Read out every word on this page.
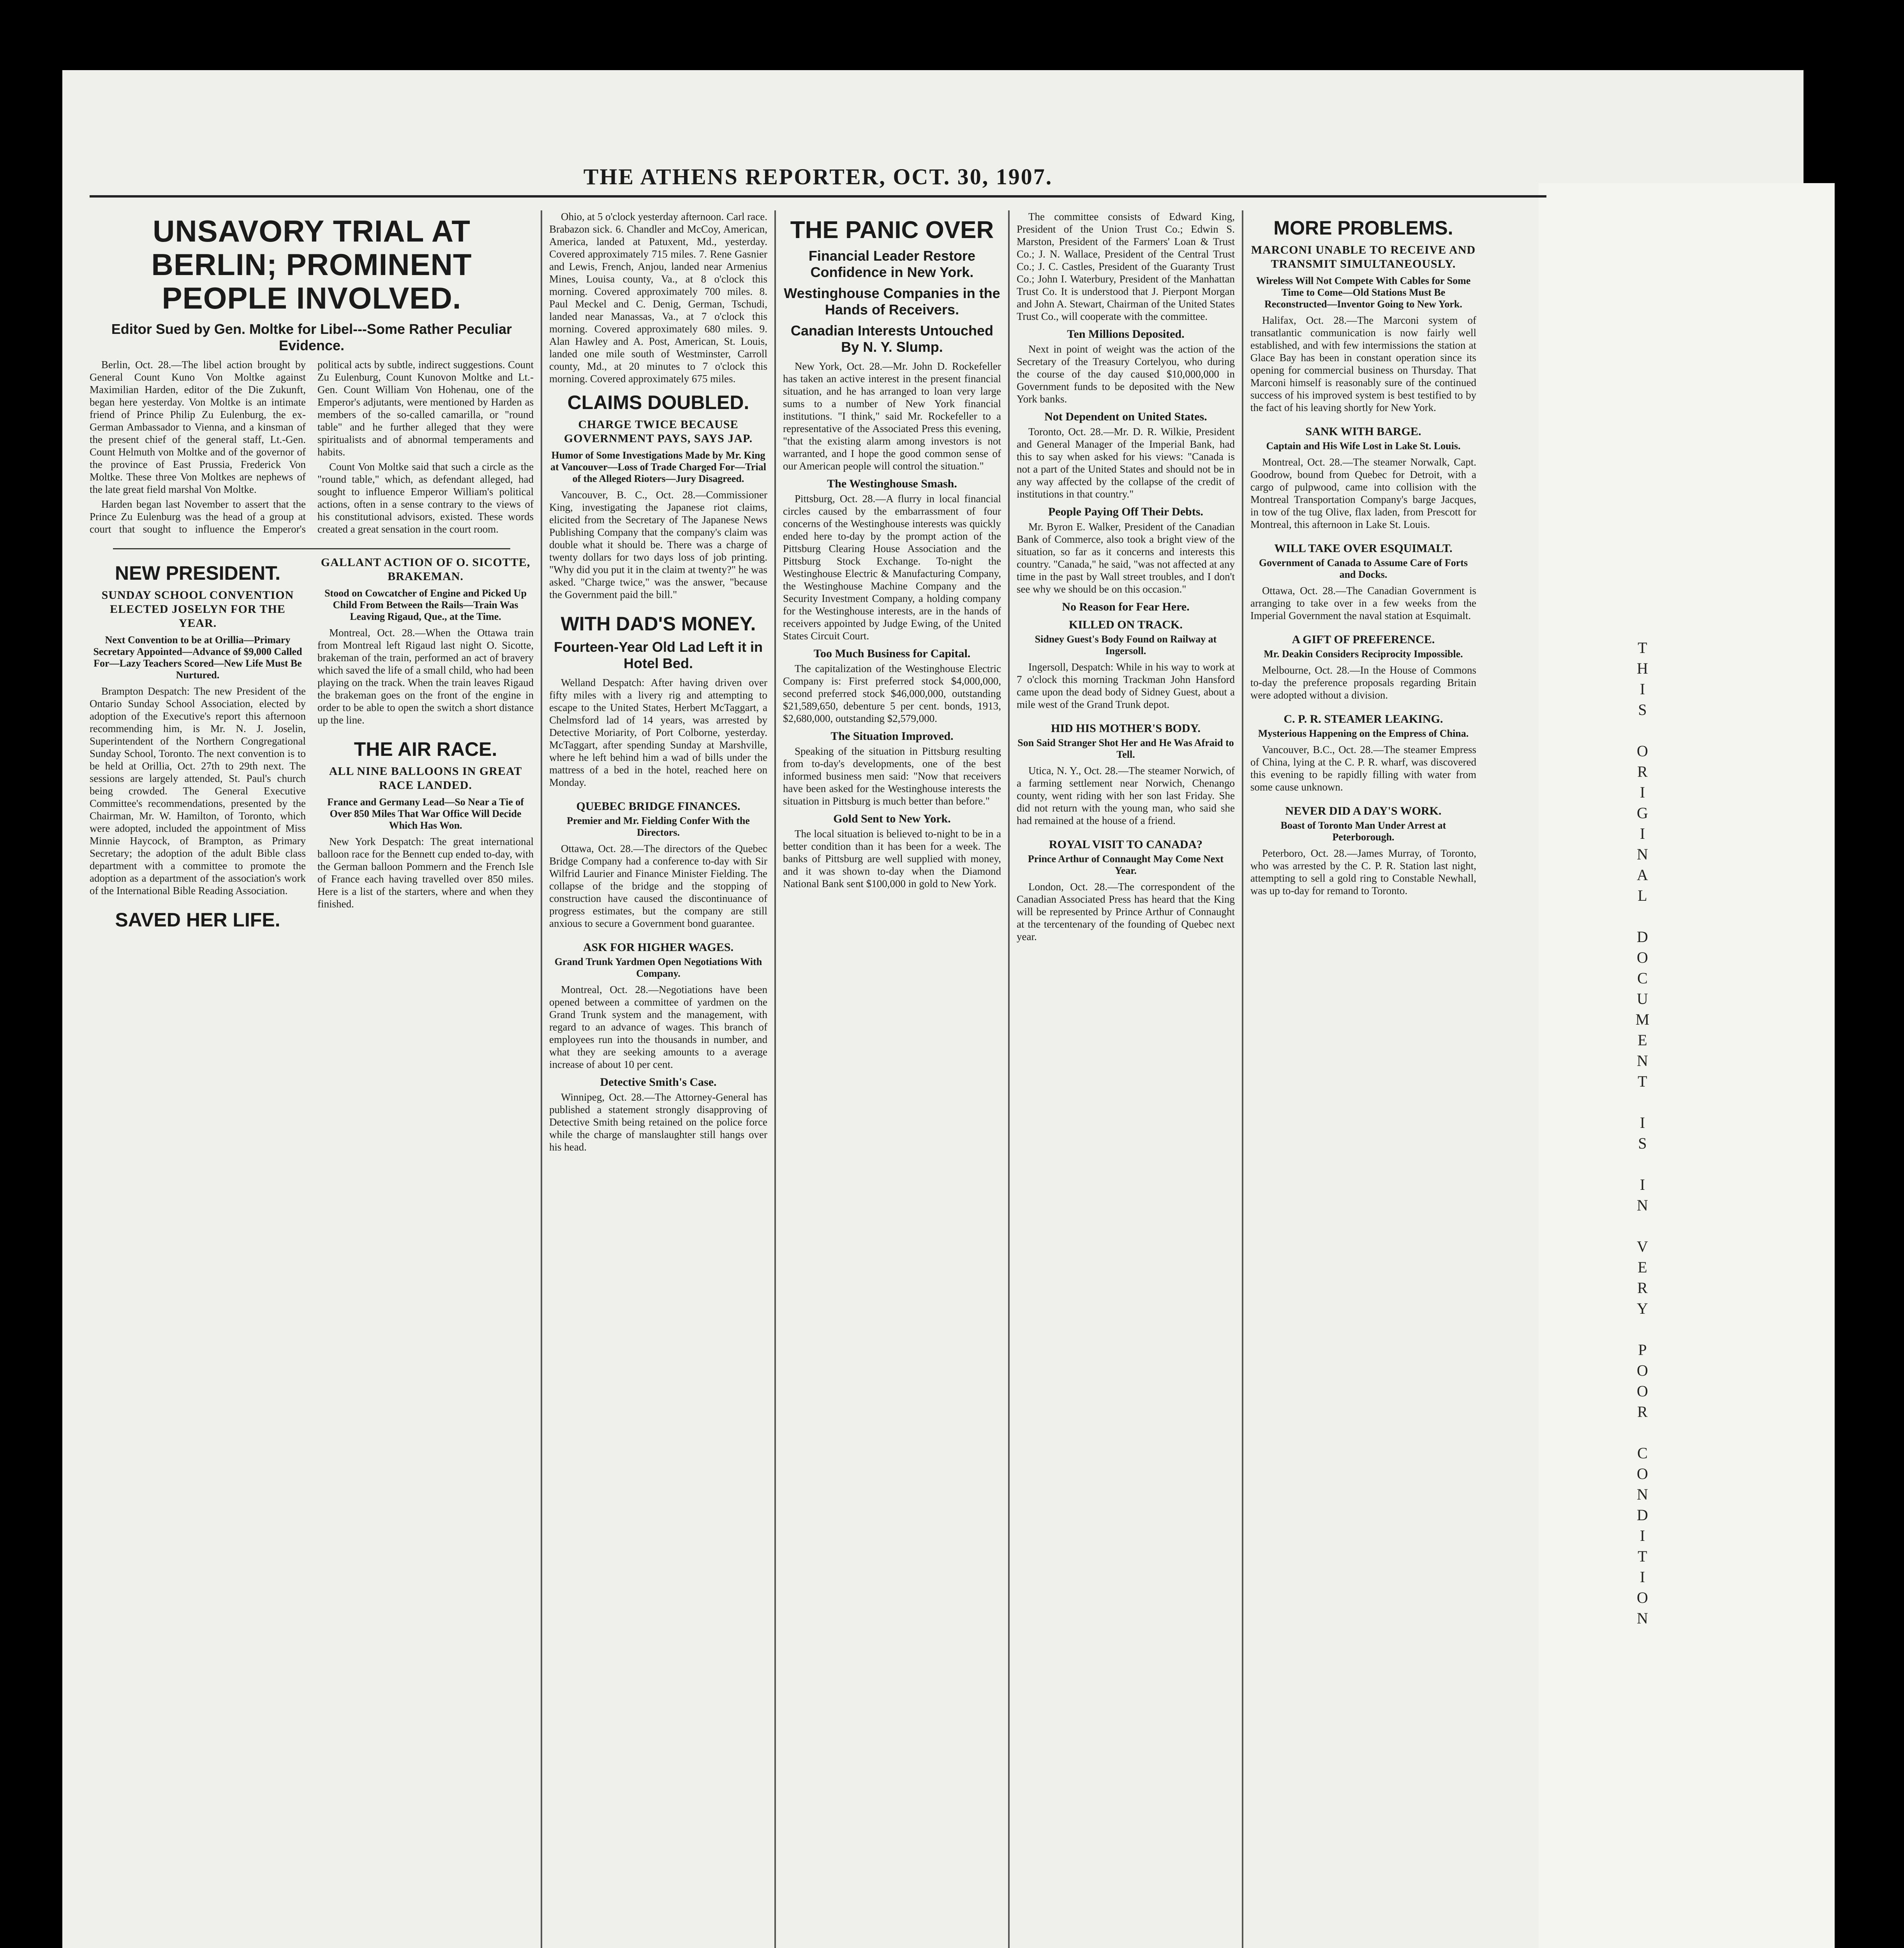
THIS ORIGINAL DOCUMENT IS IN VERY POOR CONDITION
THE ATHENS REPORTER, OCT. 30, 1907.
UNSAVORY TRIAL AT BERLIN; PROMINENT PEOPLE INVOLVED.
Editor Sued by Gen. Moltke for Libel---Some Rather Peculiar Evidence.

Berlin, Oct. 28.—The libel action brought by General Count Kuno Von Moltke against Maximilian Harden, editor of the Die Zukunft, began here yesterday. Von Moltke is an intimate friend of Prince Philip Zu Eulenburg, the ex-German Ambassador to Vienna, and a kinsman of the present chief of the general staff, Lt.-Gen. Count Helmuth von Moltke and of the governor of the province of East Prussia, Frederick Von Moltke. These three Von Moltkes are nephews of the late great field marshal Von Moltke.

Harden began last November to assert that the Prince Zu Eulenburg was the head of a group at court that sought to influence the Emperor's political acts by subtle, indirect suggestions. Count Zu Eulenburg, Count Kunovon Moltke and Lt.-Gen. Count William Von Hohenau, one of the Emperor's adjutants, were mentioned by Harden as members of the so-called camarilla, or "round table" and he further alleged that they were spiritualists and of abnormal temperaments and habits.

Count Von Moltke said that such a circle as the "round table," which, as defendant alleged, had sought to influence Emperor William's political actions, often in a sense contrary to the views of his constitutional advisors, existed. These words created a great sensation in the court room.

NEW PRESIDENT.
SUNDAY SCHOOL CONVENTION ELECTED JOSELYN FOR THE YEAR.
Next Convention to be at Orillia—Primary Secretary Appointed—Advance of $9,000 Called For—Lazy Teachers Scored—New Life Must Be Nurtured.

Brampton Despatch: The new President of the Ontario Sunday School Association, elected by adoption of the Executive's report this afternoon recommending him, is Mr. N. J. Joselin, Superintendent of the Northern Congregational Sunday School, Toronto. The next convention is to be held at Orillia, Oct. 27th to 29th next. The sessions are largely attended, St. Paul's church being crowded. The General Executive Committee's recommendations, presented by the Chairman, Mr. W. Hamilton, of Toronto, which were adopted, included the appointment of Miss Minnie Haycock, of Brampton, as Primary Secretary; the adoption of the adult Bible class department with a committee to promote the adoption as a department of the association's work of the International Bible Reading Association.

SAVED HER LIFE.
GALLANT ACTION OF O. SICOTTE, BRAKEMAN.
Stood on Cowcatcher of Engine and Picked Up Child From Between the Rails—Train Was Leaving Rigaud, Que., at the Time.

Montreal, Oct. 28.—When the Ottawa train from Montreal left Rigaud last night O. Sicotte, brakeman of the train, performed an act of bravery which saved the life of a small child, who had been playing on the track. When the train leaves Rigaud the brakeman goes on the front of the engine in order to be able to open the switch a short distance up the line.

THE AIR RACE.
ALL NINE BALLOONS IN GREAT RACE LANDED.
France and Germany Lead—So Near a Tie of Over 850 Miles That War Office Will Decide Which Has Won.

New York Despatch: The great international balloon race for the Bennett cup ended to-day, with the German balloon Pommern and the French Isle of France each having travelled over 850 miles. Here is a list of the starters, where and when they finished.

Ohio, at 5 o'clock yesterday afternoon. Carl race. Brabazon sick. 6. Chandler and McCoy, American, America, landed at Patuxent, Md., yesterday. Covered approximately 715 miles. 7. Rene Gasnier and Lewis, French, Anjou, landed near Armenius Mines, Louisa county, Va., at 8 o'clock this morning. Covered approximately 700 miles. 8. Paul Meckel and C. Denig, German, Tschudi, landed near Manassas, Va., at 7 o'clock this morning. Covered approximately 680 miles. 9. Alan Hawley and A. Post, American, St. Louis, landed one mile south of Westminster, Carroll county, Md., at 20 minutes to 7 o'clock this morning. Covered approximately 675 miles.

CLAIMS DOUBLED.
CHARGE TWICE BECAUSE GOVERNMENT PAYS, SAYS JAP.
Humor of Some Investigations Made by Mr. King at Vancouver—Loss of Trade Charged For—Trial of the Alleged Rioters—Jury Disagreed.

Vancouver, B. C., Oct. 28.—Commissioner King, investigating the Japanese riot claims, elicited from the Secretary of The Japanese News Publishing Company that the company's claim was double what it should be. There was a charge of twenty dollars for two days loss of job printing. "Why did you put it in the claim at twenty?" he was asked. "Charge twice," was the answer, "because the Government paid the bill."

WITH DAD'S MONEY.
Fourteen-Year Old Lad Left it in Hotel Bed.

Welland Despatch: After having driven over fifty miles with a livery rig and attempting to escape to the United States, Herbert McTaggart, a Chelmsford lad of 14 years, was arrested by Detective Moriarity, of Port Colborne, yesterday. McTaggart, after spending Sunday at Marshville, where he left behind him a wad of bills under the mattress of a bed in the hotel, reached here on Monday.

QUEBEC BRIDGE FINANCES.
Premier and Mr. Fielding Confer With the Directors.

Ottawa, Oct. 28.—The directors of the Quebec Bridge Company had a conference to-day with Sir Wilfrid Laurier and Finance Minister Fielding. The collapse of the bridge and the stopping of construction have caused the discontinuance of progress estimates, but the company are still anxious to secure a Government bond guarantee.

ASK FOR HIGHER WAGES.
Grand Trunk Yardmen Open Negotiations With Company.

Montreal, Oct. 28.—Negotiations have been opened between a committee of yardmen on the Grand Trunk system and the management, with regard to an advance of wages. This branch of employees run into the thousands in number, and what they are seeking amounts to a average increase of about 10 per cent.

Detective Smith's Case.

Winnipeg, Oct. 28.—The Attorney-General has published a statement strongly disapproving of Detective Smith being retained on the police force while the charge of manslaughter still hangs over his head.

THE PANIC OVER
Financial Leader Restore Confidence in New York.
Westinghouse Companies in the Hands of Receivers.
Canadian Interests Untouched By N. Y. Slump.

New York, Oct. 28.—Mr. John D. Rockefeller has taken an active interest in the present financial situation, and he has arranged to loan very large sums to a number of New York financial institutions. "I think," said Mr. Rockefeller to a representative of the Associated Press this evening, "that the existing alarm among investors is not warranted, and I hope the good common sense of our American people will control the situation."

The Westinghouse Smash.

Pittsburg, Oct. 28.—A flurry in local financial circles caused by the embarrassment of four concerns of the Westinghouse interests was quickly ended here to-day by the prompt action of the Pittsburg Clearing House Association and the Pittsburg Stock Exchange. To-night the Westinghouse Electric & Manufacturing Company, the Westinghouse Machine Company and the Security Investment Company, a holding company for the Westinghouse interests, are in the hands of receivers appointed by Judge Ewing, of the United States Circuit Court.

Too Much Business for Capital.

The capitalization of the Westinghouse Electric Company is: First preferred stock $4,000,000, second preferred stock $46,000,000, outstanding $21,589,650, debenture 5 per cent. bonds, 1913, $2,680,000, outstanding $2,579,000.

The Situation Improved.

Speaking of the situation in Pittsburg resulting from to-day's developments, one of the best informed business men said: "Now that receivers have been asked for the Westinghouse interests the situation in Pittsburg is much better than before."

Gold Sent to New York.

The local situation is believed to-night to be in a better condition than it has been for a week. The banks of Pittsburg are well supplied with money, and it was shown to-day when the Diamond National Bank sent $100,000 in gold to New York.

The committee consists of Edward King, President of the Union Trust Co.; Edwin S. Marston, President of the Farmers' Loan & Trust Co.; J. N. Wallace, President of the Central Trust Co.; J. C. Castles, President of the Guaranty Trust Co.; John I. Waterbury, President of the Manhattan Trust Co. It is understood that J. Pierpont Morgan and John A. Stewart, Chairman of the United States Trust Co., will cooperate with the committee.

Ten Millions Deposited.

Next in point of weight was the action of the Secretary of the Treasury Cortelyou, who during the course of the day caused $10,000,000 in Government funds to be deposited with the New York banks.

Not Dependent on United States.

Toronto, Oct. 28.—Mr. D. R. Wilkie, President and General Manager of the Imperial Bank, had this to say when asked for his views: "Canada is not a part of the United States and should not be in any way affected by the collapse of the credit of institutions in that country."

People Paying Off Their Debts.

Mr. Byron E. Walker, President of the Canadian Bank of Commerce, also took a bright view of the situation, so far as it concerns and interests this country. "Canada," he said, "was not affected at any time in the past by Wall street troubles, and I don't see why we should be on this occasion."

No Reason for Fear Here.
KILLED ON TRACK.
Sidney Guest's Body Found on Railway at Ingersoll.

Ingersoll, Despatch: While in his way to work at 7 o'clock this morning Trackman John Hansford came upon the dead body of Sidney Guest, about a mile west of the Grand Trunk depot.

HID HIS MOTHER'S BODY.
Son Said Stranger Shot Her and He Was Afraid to Tell.

Utica, N. Y., Oct. 28.—The steamer Norwich, of a farming settlement near Norwich, Chenango county, went riding with her son last Friday. She did not return with the young man, who said she had remained at the house of a friend.

ROYAL VISIT TO CANADA?
Prince Arthur of Connaught May Come Next Year.

London, Oct. 28.—The correspondent of the Canadian Associated Press has heard that the King will be represented by Prince Arthur of Connaught at the tercentenary of the founding of Quebec next year.

MORE PROBLEMS.
MARCONI UNABLE TO RECEIVE AND TRANSMIT SIMULTANEOUSLY.
Wireless Will Not Compete With Cables for Some Time to Come—Old Stations Must Be Reconstructed—Inventor Going to New York.

Halifax, Oct. 28.—The Marconi system of transatlantic communication is now fairly well established, and with few intermissions the station at Glace Bay has been in constant operation since its opening for commercial business on Thursday. That Marconi himself is reasonably sure of the continued success of his improved system is best testified to by the fact of his leaving shortly for New York.

SANK WITH BARGE.
Captain and His Wife Lost in Lake St. Louis.

Montreal, Oct. 28.—The steamer Norwalk, Capt. Goodrow, bound from Quebec for Detroit, with a cargo of pulpwood, came into collision with the Montreal Transportation Company's barge Jacques, in tow of the tug Olive, flax laden, from Prescott for Montreal, this afternoon in Lake St. Louis.

WILL TAKE OVER ESQUIMALT.
Government of Canada to Assume Care of Forts and Docks.

Ottawa, Oct. 28.—The Canadian Government is arranging to take over in a few weeks from the Imperial Government the naval station at Esquimalt.

A GIFT OF PREFERENCE.
Mr. Deakin Considers Reciprocity Impossible.

Melbourne, Oct. 28.—In the House of Commons to-day the preference proposals regarding Britain were adopted without a division.

C. P. R. STEAMER LEAKING.
Mysterious Happening on the Empress of China.

Vancouver, B.C., Oct. 28.—The steamer Empress of China, lying at the C. P. R. wharf, was discovered this evening to be rapidly filling with water from some cause unknown.

NEVER DID A DAY'S WORK.
Boast of Toronto Man Under Arrest at Peterborough.

Peterboro, Oct. 28.—James Murray, of Toronto, who was arrested by the C. P. R. Station last night, attempting to sell a gold ring to Constable Newhall, was up to-day for remand to Toronto.
